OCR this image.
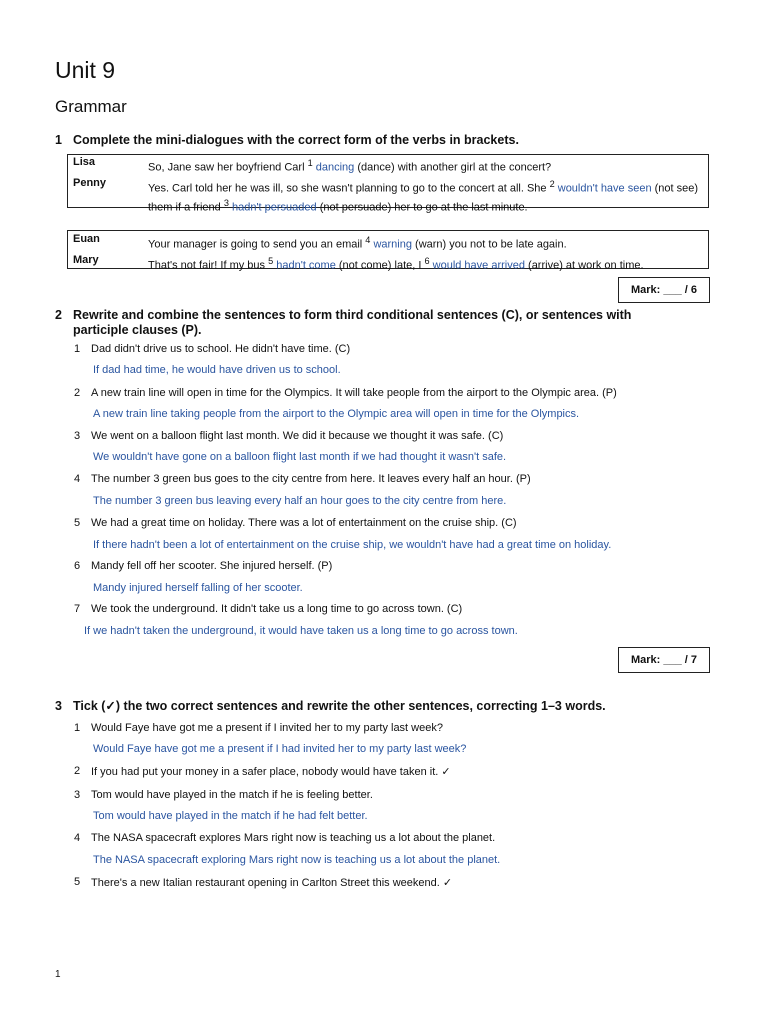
Unit 9
Grammar
1 Complete the mini-dialogues with the correct form of the verbs in brackets.
Lisa	So, Jane saw her boyfriend Carl $^1$ dancing (dance) with another girl at the concert?
Penny	Yes. Carl told her he was ill, so she wasn't planning to go to the concert at all. She $^2$ wouldn't have seen (not see) them if a friend $^3$ hadn't persuaded (not persuade) her to go at the last minute.
Euan	Your manager is going to send you an email $^4$ warning (warn) you not to be late again.
Mary	That's not fair! If my bus $^5$ hadn't come (not come) late, I $^6$ would have arrived (arrive) at work on time.
Mark: ___ / 6
2 Rewrite and combine the sentences to form third conditional sentences (C), or sentences with participle clauses (P).
1 Dad didn't drive us to school. He didn't have time. (C)
If dad had time, he would have driven us to school.
2 A new train line will open in time for the Olympics. It will take people from the airport to the Olympic area. (P)
A new train line taking people from the airport to the Olympic area will open in time for the Olympics.
3 We went on a balloon flight last month. We did it because we thought it was safe. (C)
We wouldn't have gone on a balloon flight last month if we had thought it wasn't safe.
4 The number 3 green bus goes to the city centre from here. It leaves every half an hour. (P)
The number 3 green bus leaving every half an hour goes to the city centre from here.
5 We had a great time on holiday. There was a lot of entertainment on the cruise ship. (C)
If there hadn't been a lot of entertainment on the cruise ship, we wouldn't have had a great time on holiday.
6 Mandy fell off her scooter. She injured herself. (P)
Mandy injured herself falling of her scooter.
7 We took the underground. It didn't take us a long time to go across town. (C)
If we hadn't taken the underground, it would have taken us a long time to go across town.
Mark: ___ / 7
3 Tick (✓) the two correct sentences and rewrite the other sentences, correcting 1–3 words.
1 Would Faye have got me a present if I invited her to my party last week?
Would Faye have got me a present if I had invited her to my party last week?
2 If you had put your money in a safer place, nobody would have taken it. ✓
3 Tom would have played in the match if he is feeling better.
Tom would have played in the match if he had felt better.
4 The NASA spacecraft explores Mars right now is teaching us a lot about the planet.
The NASA spacecraft exploring Mars right now is teaching us a lot about the planet.
5 There's a new Italian restaurant opening in Carlton Street this weekend. ✓
1
